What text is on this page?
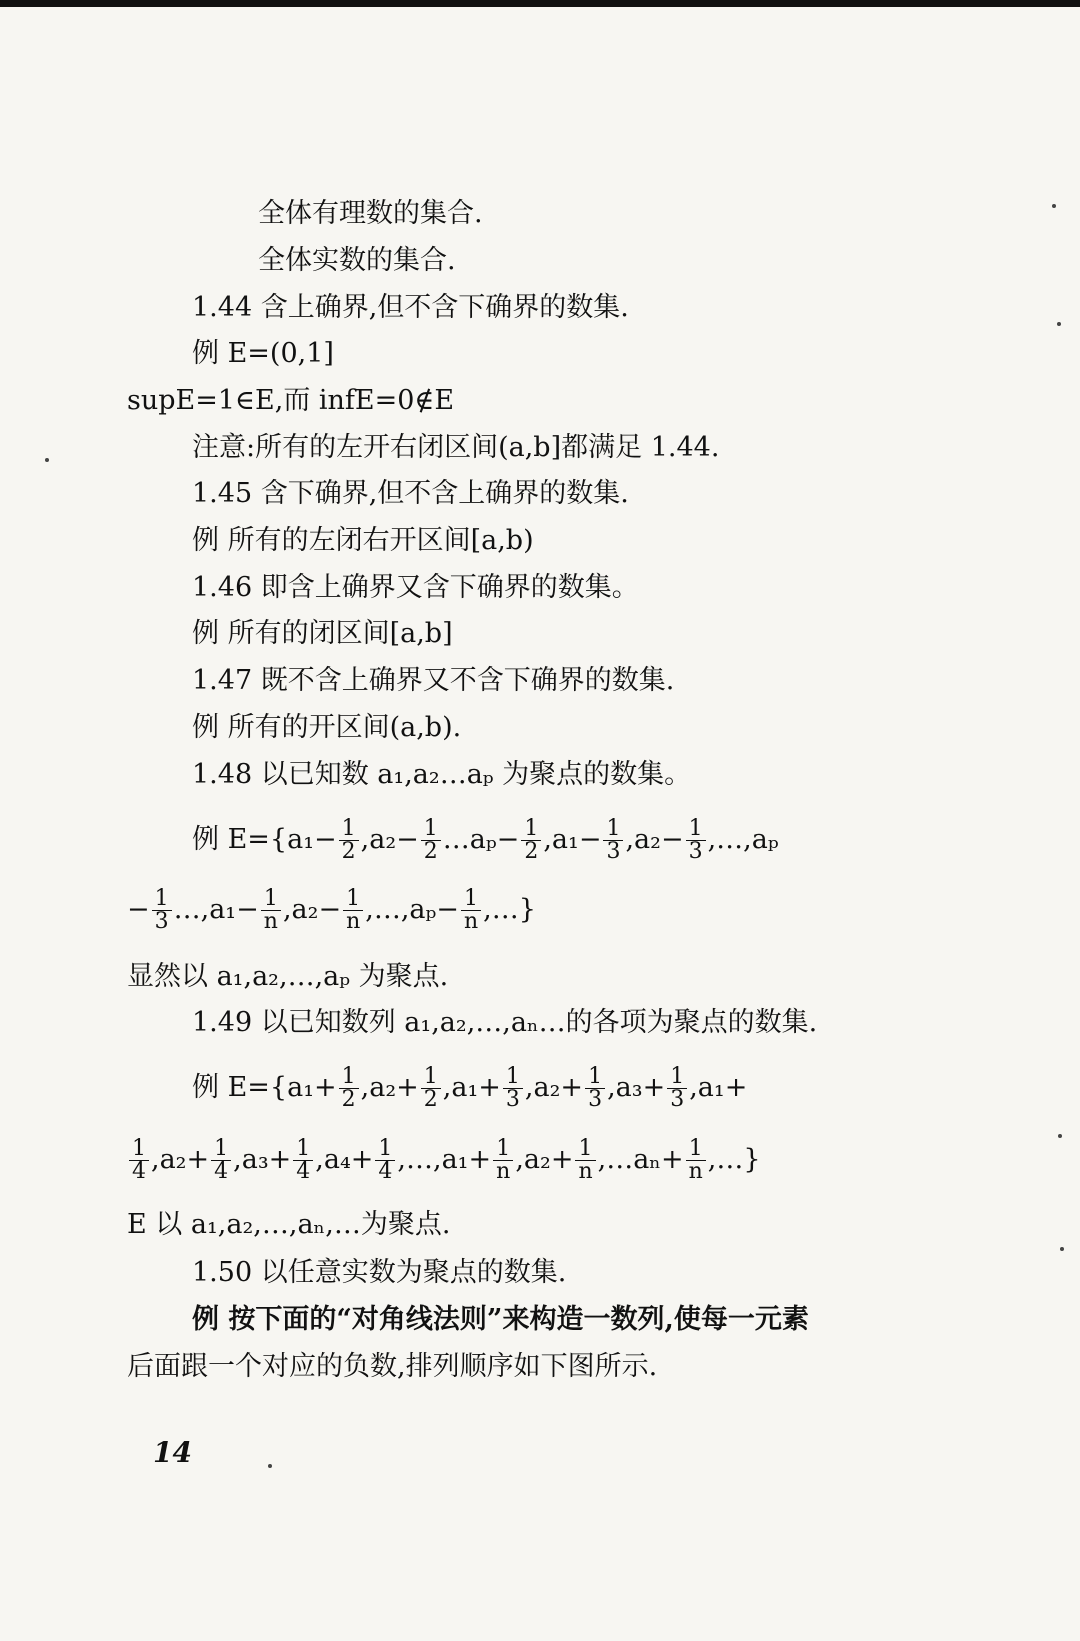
全体有理数的集合.
全体实数的集合.
1.44 含上确界,但不含下确界的数集.
例 E=(0,1]
supE=1∈E,而 infE=0∉E
注意:所有的左开右闭区间(a,b]都满足 1.44.
1.45 含下确界,但不含上确界的数集.
例 所有的左闭右开区间[a,b)
1.46 即含上确界又含下确界的数集。
例 所有的闭区间[a,b]
1.47 既不含上确界又不含下确界的数集.
例 所有的开区间(a,b).
1.48 以已知数 a₁,a₂…aₚ 为聚点的数集。
例 $E=\{a_1- \frac{1}{2} ,a_2- \frac{1}{2}$ …aₚ− $\frac{1}{2} ,a_1- \frac{1}{3} ,a_2- \frac{1}{3}$ ,…,aₚ
− $\frac{1}{3}$ …,a₁− $\frac{1}{n} ,a_2- \frac{1}{n}$ ,…,aₚ− $\frac{1}{n}$ ,…}
显然以 a₁,a₂,…,aₚ 为聚点.
1.49 以已知数列 a₁,a₂,…,aₙ…的各项为聚点的数集.
例 $E=\{a_1+ \frac{1}{2} ,a_2+ \frac{1}{2} ,a_1+ \frac{1}{3} ,a_2+ \frac{1}{3} ,a_3+ \frac{1}{3} ,a_1+$
$\frac{1}{4} ,a_2+ \frac{1}{4} ,a_3+ \frac{1}{4} ,a_4+ \frac{1}{4}$ ,…,a₁+ $\frac{1}{n} ,a_2+ \frac{1}{n}$ ,…aₙ+ $\frac{1}{n}$ ,…}
E 以 a₁,a₂,…,aₙ,…为聚点.
1.50 以任意实数为聚点的数集.
例 按下面的“对角线法则”来构造一数列,使每一元素
后面跟一个对应的负数,排列顺序如下图所示.
14
